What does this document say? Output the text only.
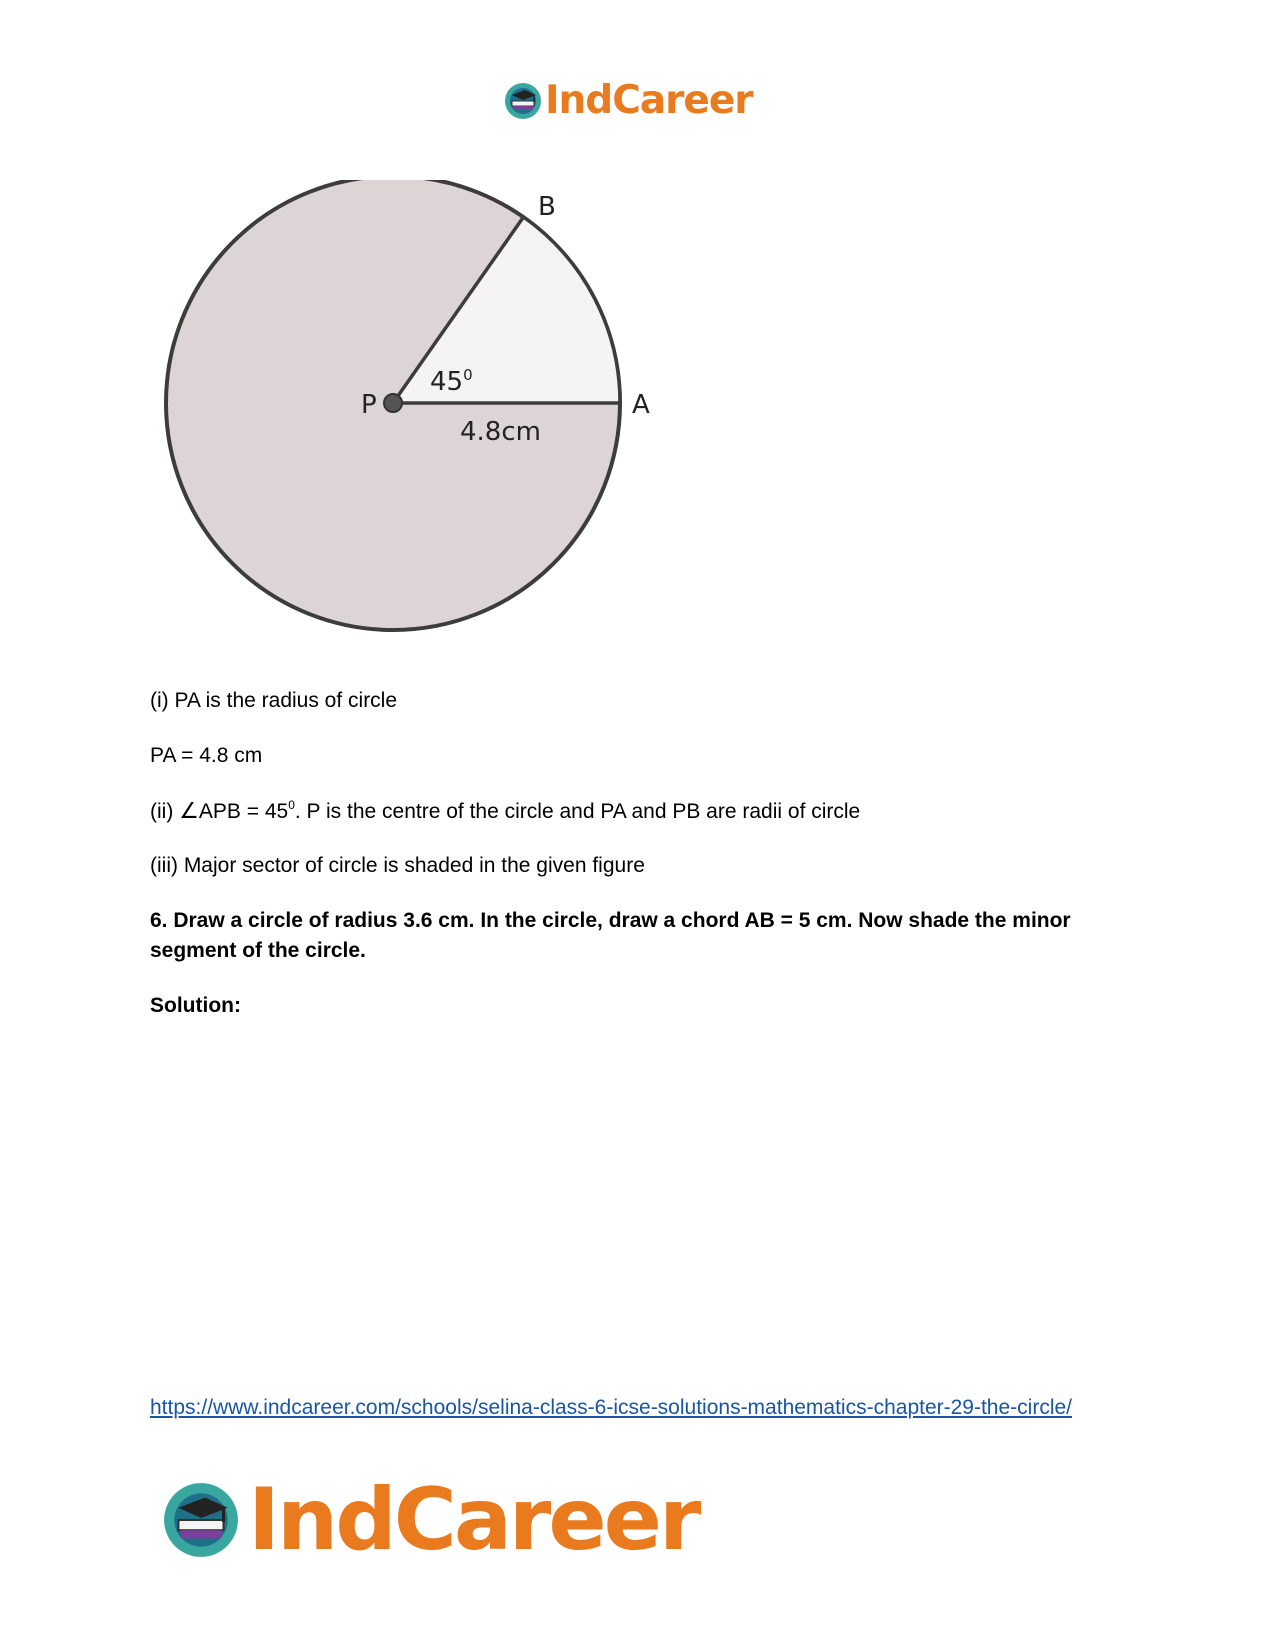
IndCareer
B
P	A
$45^0$
4.8cm
(i) PA is the radius of circle
PA = 4.8 cm
(ii) ∠APB = $45^0$. P is the centre of the circle and PA and PB are radii of circle
(iii) Major sector of circle is shaded in the given figure
6. Draw a circle of radius 3.6 cm. In the circle, draw a chord AB = 5 cm. Now shade the minor segment of the circle.
Solution:
https://www.indcareer.com/schools/selina-class-6-icse-solutions-mathematics-chapter-29-the-circle/
IndCareer
